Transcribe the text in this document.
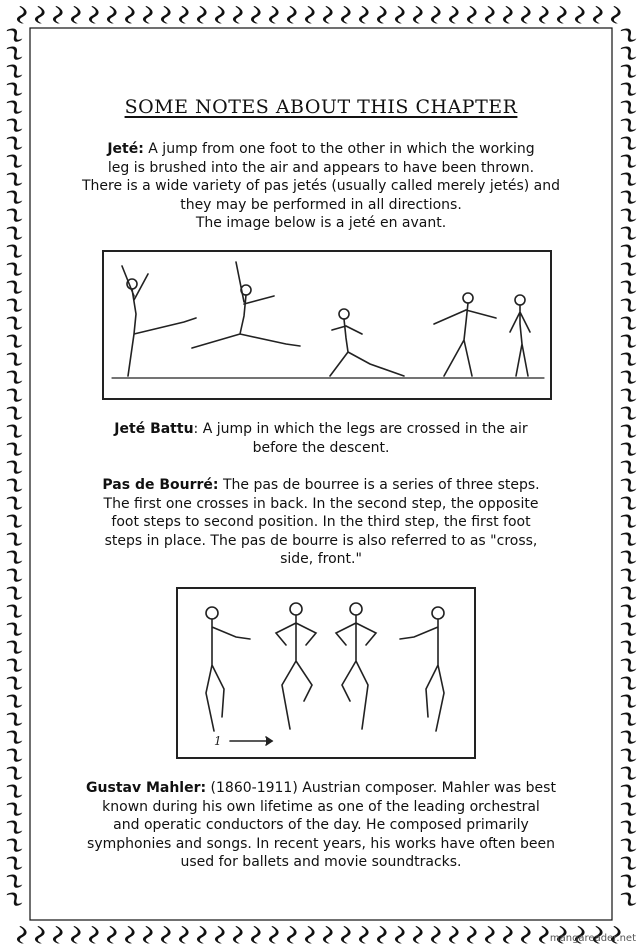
SOME NOTES ABOUT THIS CHAPTER
Jeté: A jump from one foot to the other in which the working
leg is brushed into the air and appears to have been thrown.
There is a wide variety of pas jetés (usually called merely jetés) and
they may be performed in all directions.
The image below is a jeté en avant.
Jeté Battu: A jump in which the legs are crossed in the air
before the descent.
Pas de Bourré: The pas de bourree is a series of three steps.
The first one crosses in back. In the second step, the opposite
foot steps to second position. In the third step, the first foot
steps in place. The pas de bourre is also referred to as "cross,
side, front."
1
Gustav Mahler: (1860-1911) Austrian composer. Mahler was best
known during his own lifetime as one of the leading orchestral
and operatic conductors of the day. He composed primarily
symphonies and songs. In recent years, his works have often been
used for ballets and movie soundtracks.
mangareader.net
